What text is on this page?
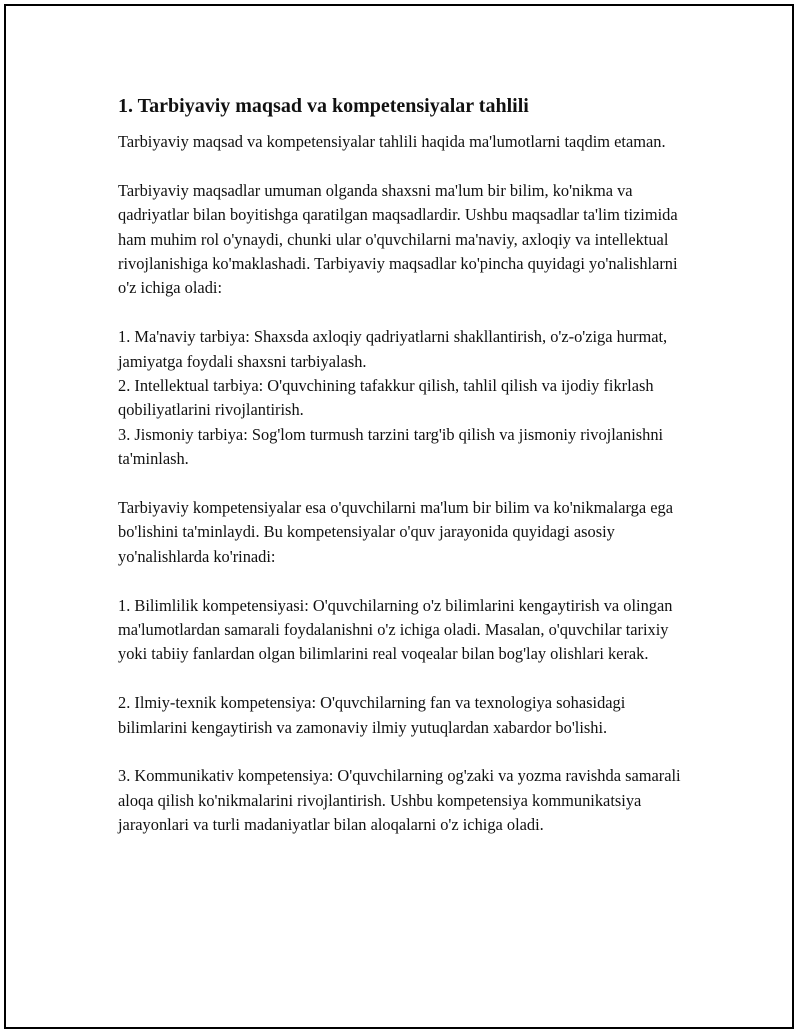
1. Tarbiyaviy maqsad va kompetensiyalar tahlili

Tarbiyaviy maqsad va kompetensiyalar tahlili haqida ma'lumotlarni taqdim etaman.

Tarbiyaviy maqsadlar umuman olganda shaxsni ma'lum bir bilim, ko'nikma va qadriyatlar bilan boyitishga qaratilgan maqsadlardir. Ushbu maqsadlar ta'lim tizimida ham muhim rol o'ynaydi, chunki ular o'quvchilarni ma'naviy, axloqiy va intellektual rivojlanishiga ko'maklashadi. Tarbiyaviy maqsadlar ko'pincha quyidagi yo'nalishlarni o'z ichiga oladi:

1. Ma'naviy tarbiya: Shaxsda axloqiy qadriyatlarni shakllantirish, o'z-o'ziga hurmat, jamiyatga foydali shaxsni tarbiyalash.

2. Intellektual tarbiya: O'quvchining tafakkur qilish, tahlil qilish va ijodiy fikrlash qobiliyatlarini rivojlantirish.

3. Jismoniy tarbiya: Sog'lom turmush tarzini targ'ib qilish va jismoniy rivojlanishni ta'minlash.

Tarbiyaviy kompetensiyalar esa o'quvchilarni ma'lum bir bilim va ko'nikmalarga ega bo'lishini ta'minlaydi. Bu kompetensiyalar o'quv jarayonida quyidagi asosiy yo'nalishlarda ko'rinadi:

1. Bilimlilik kompetensiyasi: O'quvchilarning o'z bilimlarini kengaytirish va olingan ma'lumotlardan samarali foydalanishni o'z ichiga oladi. Masalan, o'quvchilar tarixiy yoki tabiiy fanlardan olgan bilimlarini real voqealar bilan bog'lay olishlari kerak.

2. Ilmiy-texnik kompetensiya: O'quvchilarning fan va texnologiya sohasidagi bilimlarini kengaytirish va zamonaviy ilmiy yutuqlardan xabardor bo'lishi.

3. Kommunikativ kompetensiya: O'quvchilarning og'zaki va yozma ravishda samarali aloqa qilish ko'nikmalarini rivojlantirish. Ushbu kompetensiya kommunikatsiya jarayonlari va turli madaniyatlar bilan aloqalarni o'z ichiga oladi.
